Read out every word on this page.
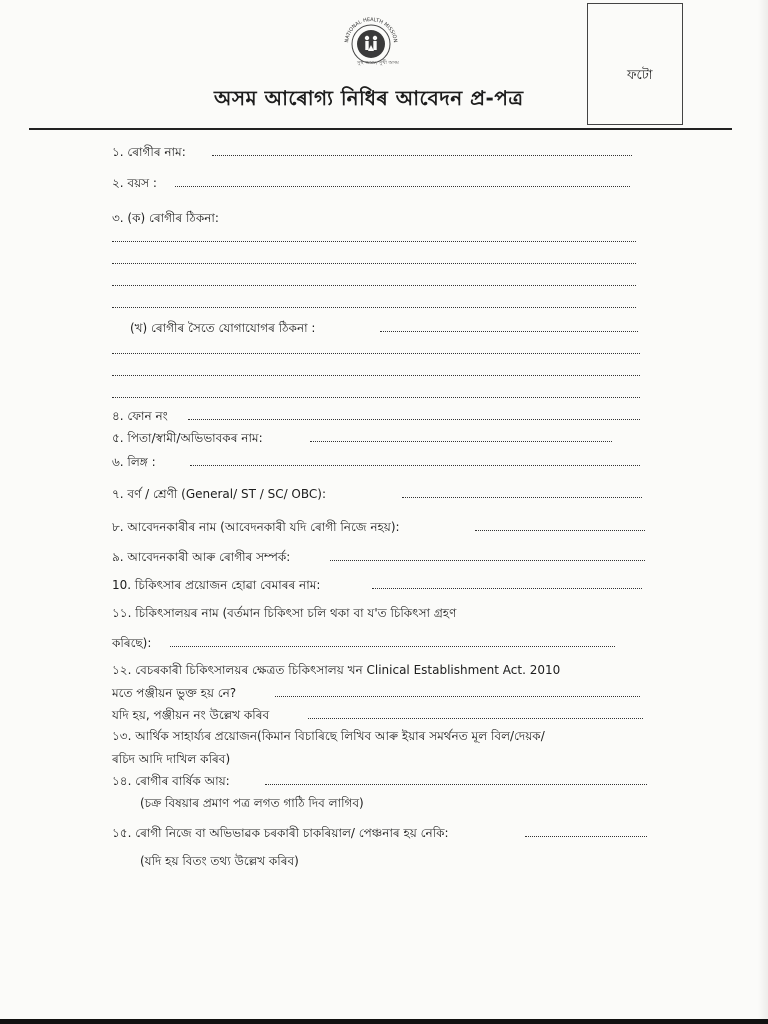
NATIONAL HEALTH MISSION
সুস্থ অসম, সুখী অসম
অসম আৰোগ্য নিধিৰ আবেদন প্ৰ-পত্ৰ
ফটো
১. ৰোগীৰ নাম:
২. বয়স :
৩. (ক) ৰোগীৰ ঠিকনা:
(খ) ৰোগীৰ সৈতে যোগাযোগৰ ঠিকনা :
৪. ফোন নং
৫. পিতা/স্বামী/অভিভাবকৰ নাম:
৬. লিঙ্গ :
৭. বৰ্ণ / শ্ৰেণী (General/ ST / SC/ OBC):
৮. আবেদনকাৰীৰ নাম (আবেদনকাৰী যদি ৰোগী নিজে নহয়):
৯. আবেদনকাৰী আৰু ৰোগীৰ সম্পৰ্ক:
10. চিকিৎসাৰ প্ৰয়োজন হোৱা বেমাৰৰ নাম:
১১. চিকিৎসালয়ৰ নাম (বৰ্তমান চিকিৎসা চলি থকা বা য'ত চিকিৎসা গ্ৰহণ
কৰিছে):
১২. বেচৰকাৰী চিকিৎসালয়ৰ ক্ষেত্ৰত চিকিৎসালয় খন Clinical Establishment Act. 2010
মতে পঞ্জীয়ন ভুক্ত হয় নে?
যদি হয়, পঞ্জীয়ন নং উল্লেখ কৰিব
১৩. আৰ্থিক সাহাৰ্য্যৰ প্ৰয়োজন(কিমান বিচাৰিছে লিখিব আৰু ইয়াৰ সমৰ্থনত মূল বিল/দেয়ক/
ৰচিদ আদি দাখিল কৰিব)
১৪. ৰোগীৰ বাৰ্ষিক আয়:
(চক্ৰ বিষয়াৰ প্ৰমাণ পত্ৰ লগত গাঠি দিব লাগিব)
১৫. ৰোগী নিজে বা অভিভাৱক চৰকাৰী চাকৰিয়াল/ পেঞ্চনাৰ হয় নেকি:
(যদি হয় বিতং তথ্য উল্লেখ কৰিব)
